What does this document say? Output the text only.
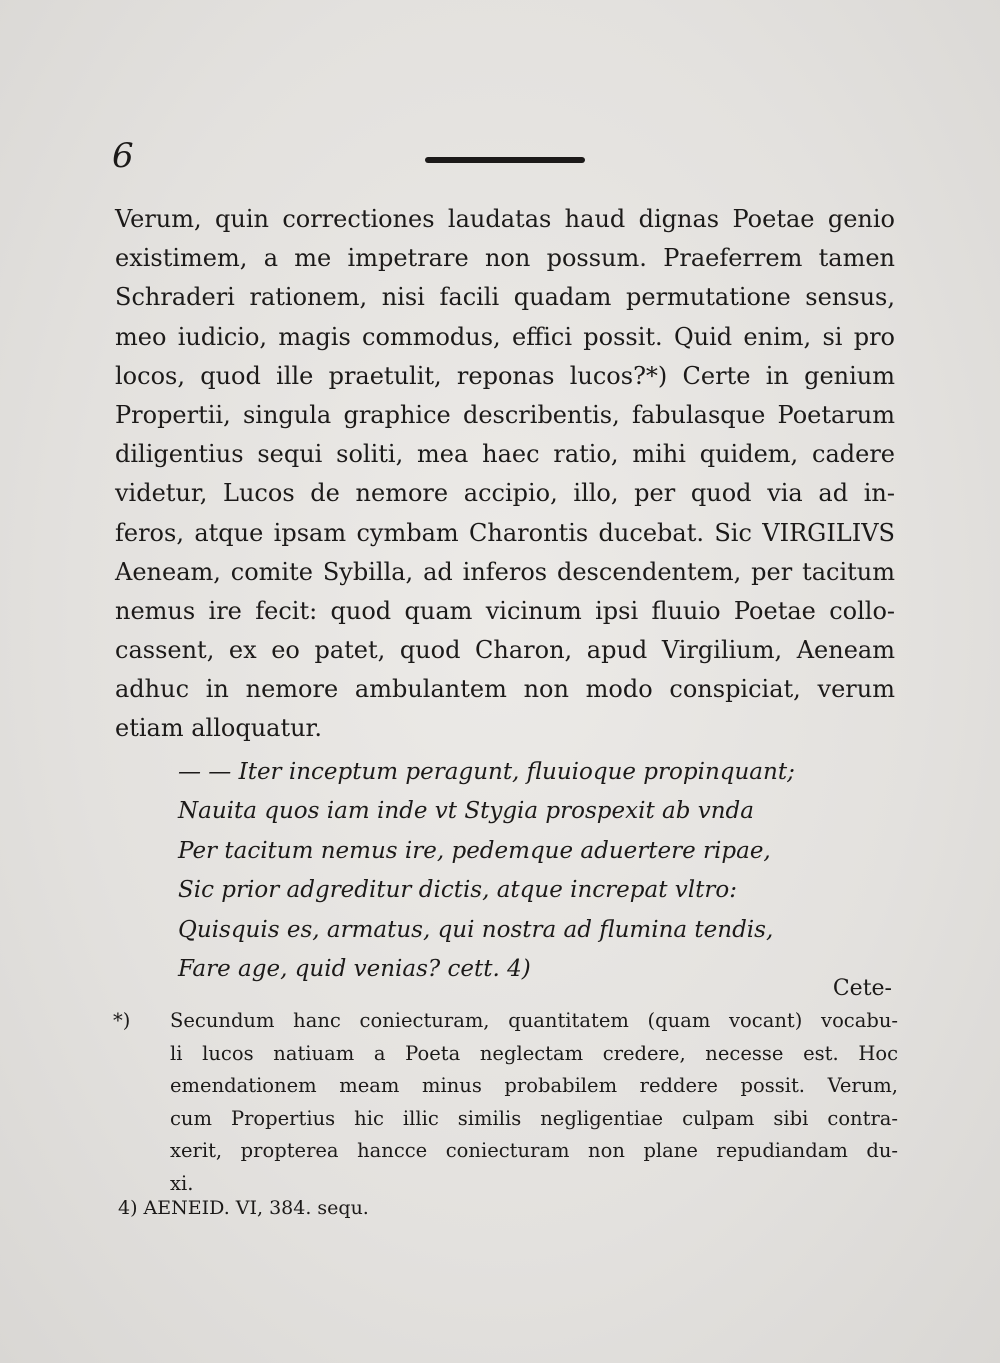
6
Verum, quin correctiones laudatas haud dignas Poetae genio
existimem, a me impetrare non possum. Praeferrem tamen
Schraderi rationem, nisi facili quadam permutatione sensus,
meo iudicio, magis commodus, effici possit. Quid enim, si pro
locos, quod ille praetulit, reponas lucos?*) Certe in genium
Propertii, singula graphice describentis, fabulasque Poetarum
diligentius sequi soliti, mea haec ratio, mihi quidem, cadere
videtur, Lucos de nemore accipio, illo, per quod via ad in-
feros, atque ipsam cymbam Charontis ducebat. Sic VIRGILIVS
Aeneam, comite Sybilla, ad inferos descendentem, per tacitum
nemus ire fecit: quod quam vicinum ipsi fluuio Poetae collo-
cassent, ex eo patet, quod Charon, apud Virgilium, Aeneam
adhuc in nemore ambulantem non modo conspiciat, verum
etiam alloquatur.
— — Iter inceptum peragunt, fluuioque propinquant;
Nauita quos iam inde vt Stygia prospexit ab vnda
Per tacitum nemus ire, pedemque aduertere ripae,
Sic prior adgreditur dictis, atque increpat vltro:
Quisquis es, armatus, qui nostra ad flumina tendis,
Fare age, quid venias? cett. 4)
Cete-
*) Secundum hanc coniecturam, quantitatem (quam vocant) vocabu-
li lucos natiuam a Poeta neglectam credere, necesse est. Hoc
emendationem meam minus probabilem reddere possit. Verum,
cum Propertius hic illic similis negligentiae culpam sibi contra-
xerit, propterea hancce coniecturam non plane repudiandam du-
xi.
4) AENEID. VI, 384. sequ.
